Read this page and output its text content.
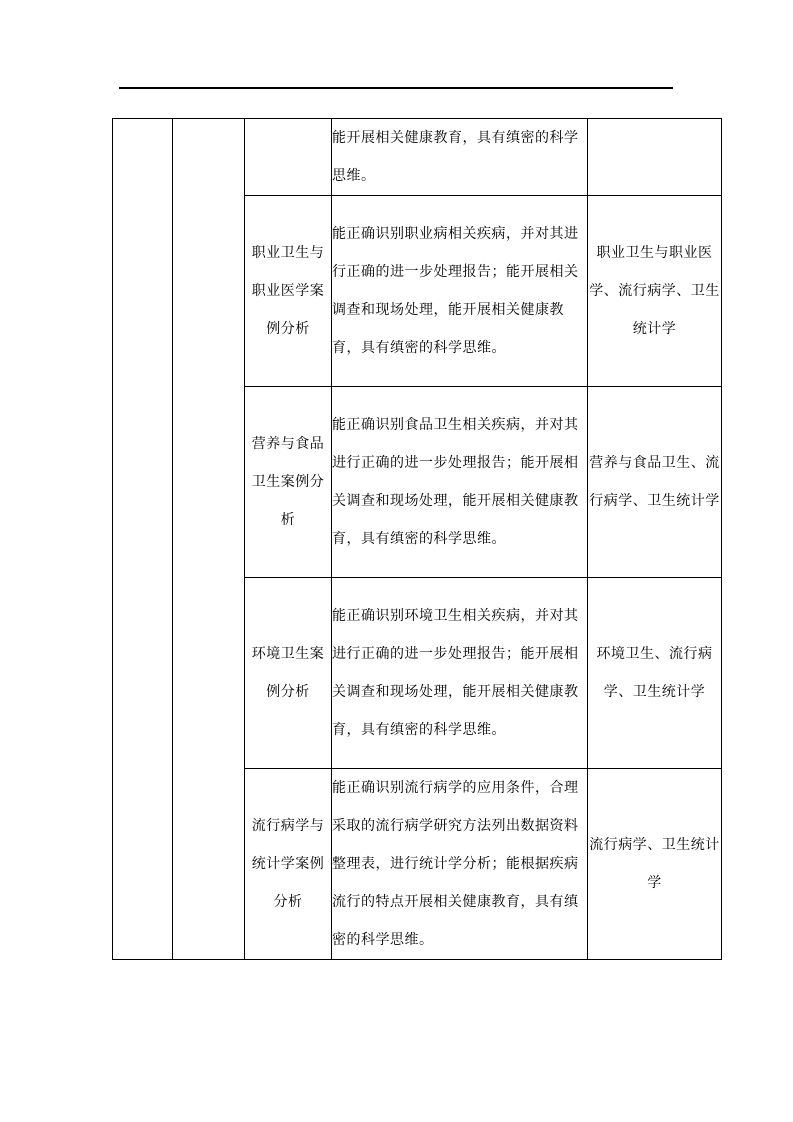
			能开展相关健康教育，具有缜密的科学思维。	

		职业卫生与职业医学案例分析	能正确识别职业病相关疾病，并对其进行正确的进一步处理报告；能开展相关调查和现场处理，能开展相关健康教育，具有缜密的科学思维。	职业卫生与职业医学、流行病学、卫生统计学

		营养与食品卫生案例分析	能正确识别食品卫生相关疾病，并对其进行正确的进一步处理报告；能开展相关调查和现场处理，能开展相关健康教育，具有缜密的科学思维。	营养与食品卫生、流行病学、卫生统计学

		环境卫生案例分析	能正确识别环境卫生相关疾病，并对其进行正确的进一步处理报告；能开展相关调查和现场处理，能开展相关健康教育，具有缜密的科学思维。	环境卫生、流行病学、卫生统计学

		流行病学与统计学案例分析	能正确识别流行病学的应用条件，合理采取的流行病学研究方法列出数据资料整理表，进行统计学分析；能根据疾病流行的特点开展相关健康教育，具有缜密的科学思维。	流行病学、卫生统计学
